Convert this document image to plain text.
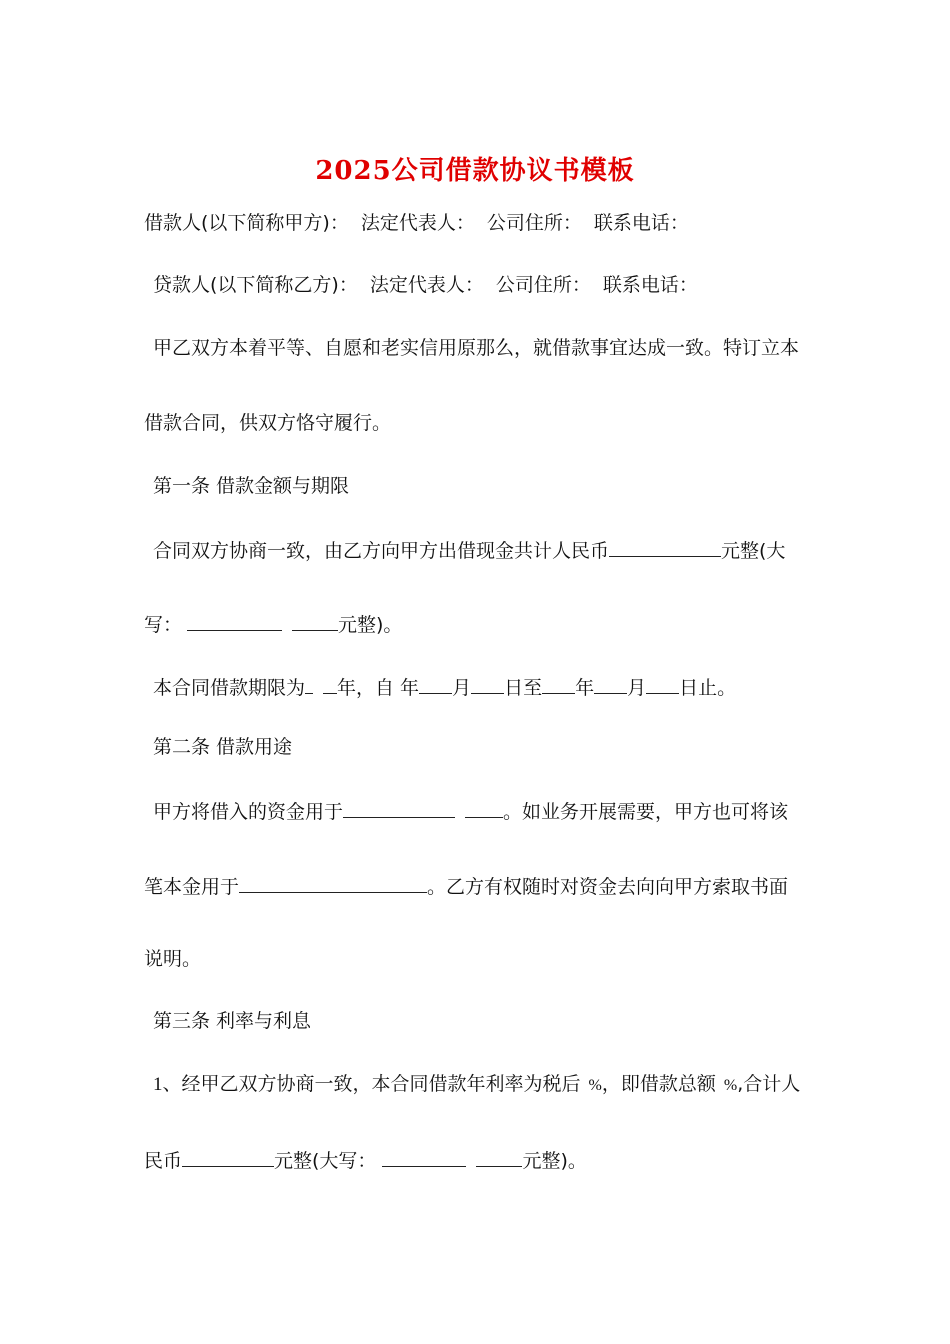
2025公司借款协议书模板
借款人(以下简称甲方)： 法定代表人： 公司住所： 联系电话：
贷款人(以下简称乙方)： 法定代表人： 公司住所： 联系电话：
甲乙双方本着平等、自愿和老实信用原那么，就借款事宜达成一致。特订立本
借款合同，供双方恪守履行。
第一条 借款金额与期限
合同双方协商一致，由乙方向甲方出借现金共计人民币	元整(大
写：	元整)。
本合同借款期限为 年，自 年 月 日至 年 月 日止。
第二条 借款用途
甲方将借入的资金用于	。如业务开展需要，甲方也可将该
笔本金用于	。乙方有权随时对资金去向向甲方索取书面
说明。
第三条 利率与利息
1、经甲乙双方协商一致，本合同借款年利率为税后 %，即借款总额 %,合计人
民币	元整(大写：	元整)。
